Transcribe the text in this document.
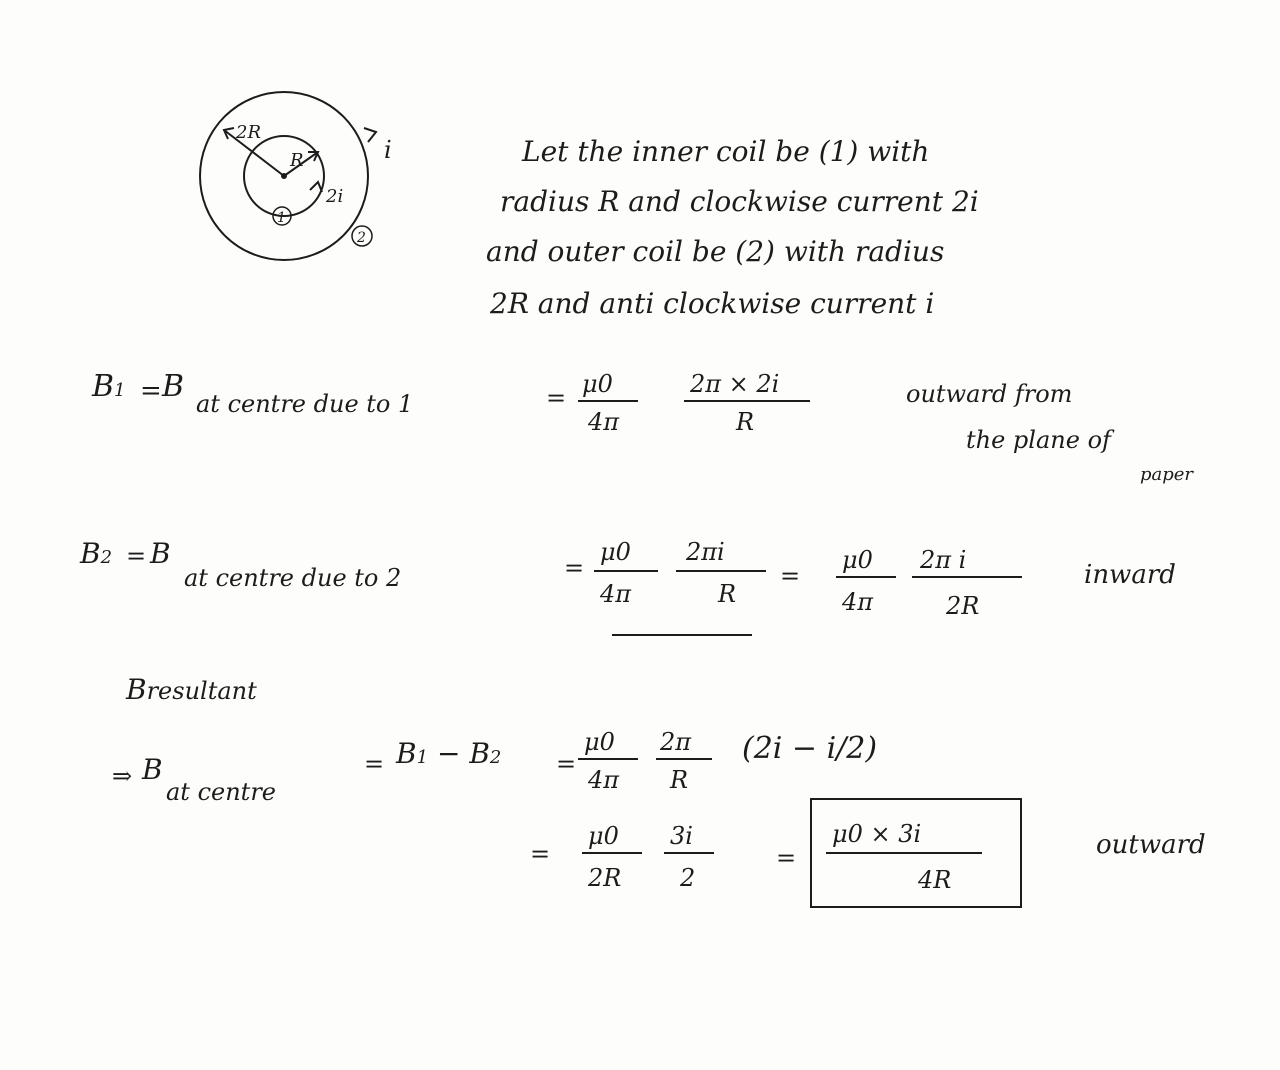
2R
R
2i
i
1
2
Let the inner coil be (1) with
radius R and clockwise current 2i
and outer coil be (2) with radius
2R and anti clockwise current i
B1 = B at centre due to 1	= μ0
4π
2π × 2i
R
outward from
the plane of
paper
B2 = B
at centre due to 2	=
μ0
4π
2πi
R
=
μ0
4π
2π i
2R
inward
Bresultant
⇒ B
at centre
= B1 − B2 =
μ0
4π
2π
R
(2i − i/2)
=
μ0
2R
3i
2
=
μ0 × 3i
4R
outward
